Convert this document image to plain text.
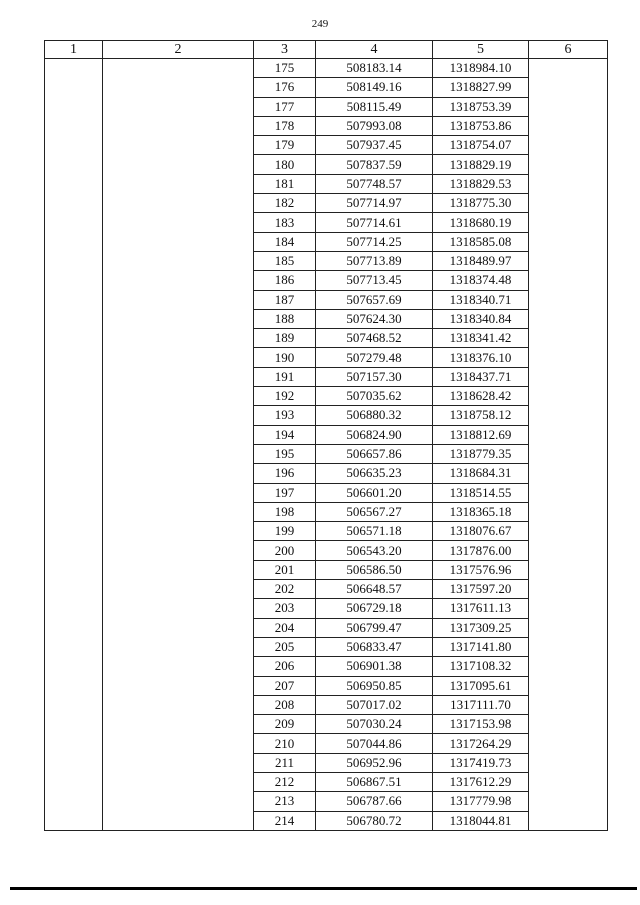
249
1	2	3	4	5	6
		175	508183.14	1318984.10	
		176	508149.16	1318827.99	
		177	508115.49	1318753.39	
		178	507993.08	1318753.86	
		179	507937.45	1318754.07	
		180	507837.59	1318829.19	
		181	507748.57	1318829.53	
		182	507714.97	1318775.30	
		183	507714.61	1318680.19	
		184	507714.25	1318585.08	
		185	507713.89	1318489.97	
		186	507713.45	1318374.48	
		187	507657.69	1318340.71	
		188	507624.30	1318340.84	
		189	507468.52	1318341.42	
		190	507279.48	1318376.10	
		191	507157.30	1318437.71	
		192	507035.62	1318628.42	
		193	506880.32	1318758.12	
		194	506824.90	1318812.69	
		195	506657.86	1318779.35	
		196	506635.23	1318684.31	
		197	506601.20	1318514.55	
		198	506567.27	1318365.18	
		199	506571.18	1318076.67	
		200	506543.20	1317876.00	
		201	506586.50	1317576.96	
		202	506648.57	1317597.20	
		203	506729.18	1317611.13	
		204	506799.47	1317309.25	
		205	506833.47	1317141.80	
		206	506901.38	1317108.32	
		207	506950.85	1317095.61	
		208	507017.02	1317111.70	
		209	507030.24	1317153.98	
		210	507044.86	1317264.29	
		211	506952.96	1317419.73	
		212	506867.51	1317612.29	
		213	506787.66	1317779.98	
		214	506780.72	1318044.81	
